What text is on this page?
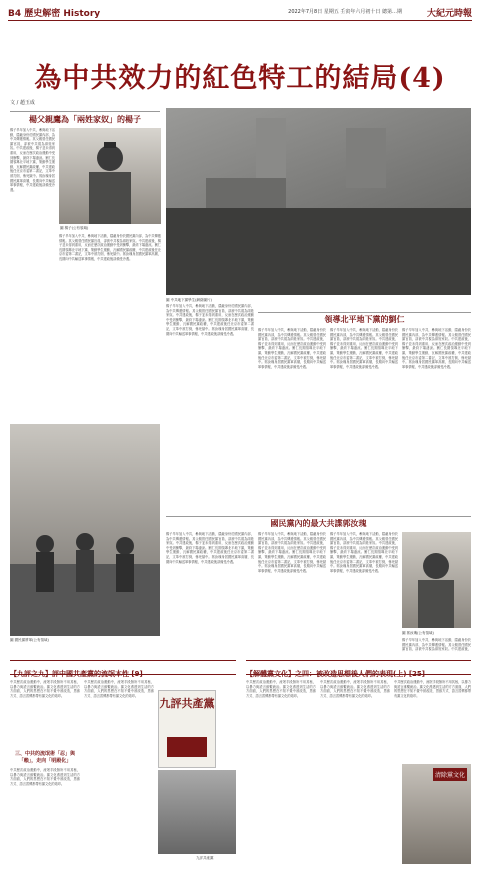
B4 歷史解密 History	2022年7月8日 星期五 壬寅年六月初十日 總第…期	大紀元時報
為中共效力的紅色特工的結局(4)
文 / 趙玉成
楊父親鷹為「兩姓家奴」的楊子
楊子早年加入中共，參與地下活動，隱蔽身份於國民黨內部，為中共傳遞情報。其父親曾任國民黨官員，卻被中共視為兩姓家奴。中共建政後，楊子並未得到重用，反而在歷次政治運動中受到衝擊，最終下場淒涼。劉仁長期領導北平地下黨，策動學生運動，瓦解國民黨政權，中共建政後任北京市委第二書記，文革中被打倒，慘死獄中。郭汝瑰身居國民黨軍高層，長期向中共輸送軍事情報，中共建政後卻備受冷遇。
圖 楊子(公有領域)
楊子早年加入中共，參與地下活動，隱蔽身份於國民黨內部，為中共傳遞情報。其父親曾任國民黨官員，卻被中共視為兩姓家奴。中共建政後，楊子並未得到重用，反而在歷次政治運動中受到衝擊，最終下場淒涼。劉仁長期領導北平地下黨，策動學生運動，瓦解國民黨政權，中共建政後任北京市委第二書記，文革中被打倒，慘死獄中。郭汝瑰身居國民黨軍高層，長期向中共輸送軍事情報，中共建政後卻備受冷遇。
圖 國民黨將軍(公有領域)
圖 中共地下黨學生(網絡圖片)
領導北平地下黨的劉仁
楊子早年加入中共，參與地下活動，隱蔽身份於國民黨內部，為中共傳遞情報。其父親曾任國民黨官員，卻被中共視為兩姓家奴。中共建政後，楊子並未得到重用，反而在歷次政治運動中受到衝擊，最終下場淒涼。劉仁長期領導北平地下黨，策動學生運動，瓦解國民黨政權，中共建政後任北京市委第二書記，文革中被打倒，慘死獄中。郭汝瑰身居國民黨軍高層，長期向中共輸送軍事情報，中共建政後卻備受冷遇。
楊子早年加入中共，參與地下活動，隱蔽身份於國民黨內部，為中共傳遞情報。其父親曾任國民黨官員，卻被中共視為兩姓家奴。中共建政後，楊子並未得到重用，反而在歷次政治運動中受到衝擊，最終下場淒涼。劉仁長期領導北平地下黨，策動學生運動，瓦解國民黨政權，中共建政後任北京市委第二書記，文革中被打倒，慘死獄中。郭汝瑰身居國民黨軍高層，長期向中共輸送軍事情報，中共建政後卻備受冷遇。
楊子早年加入中共，參與地下活動，隱蔽身份於國民黨內部，為中共傳遞情報。其父親曾任國民黨官員，卻被中共視為兩姓家奴。中共建政後，楊子並未得到重用，反而在歷次政治運動中受到衝擊，最終下場淒涼。劉仁長期領導北平地下黨，策動學生運動，瓦解國民黨政權，中共建政後任北京市委第二書記，文革中被打倒，慘死獄中。郭汝瑰身居國民黨軍高層，長期向中共輸送軍事情報，中共建政後卻備受冷遇。
楊子早年加入中共，參與地下活動，隱蔽身份於國民黨內部，為中共傳遞情報。其父親曾任國民黨官員，卻被中共視為兩姓家奴。中共建政後，楊子並未得到重用，反而在歷次政治運動中受到衝擊，最終下場淒涼。劉仁長期領導北平地下黨，策動學生運動，瓦解國民黨政權，中共建政後任北京市委第二書記，文革中被打倒，慘死獄中。郭汝瑰身居國民黨軍高層，長期向中共輸送軍事情報，中共建政後卻備受冷遇。
國民黨內的最大共諜郭汝瑰
楊子早年加入中共，參與地下活動，隱蔽身份於國民黨內部，為中共傳遞情報。其父親曾任國民黨官員，卻被中共視為兩姓家奴。中共建政後，楊子並未得到重用，反而在歷次政治運動中受到衝擊，最終下場淒涼。劉仁長期領導北平地下黨，策動學生運動，瓦解國民黨政權，中共建政後任北京市委第二書記，文革中被打倒，慘死獄中。郭汝瑰身居國民黨軍高層，長期向中共輸送軍事情報，中共建政後卻備受冷遇。
楊子早年加入中共，參與地下活動，隱蔽身份於國民黨內部，為中共傳遞情報。其父親曾任國民黨官員，卻被中共視為兩姓家奴。中共建政後，楊子並未得到重用，反而在歷次政治運動中受到衝擊，最終下場淒涼。劉仁長期領導北平地下黨，策動學生運動，瓦解國民黨政權，中共建政後任北京市委第二書記，文革中被打倒，慘死獄中。郭汝瑰身居國民黨軍高層，長期向中共輸送軍事情報，中共建政後卻備受冷遇。
楊子早年加入中共，參與地下活動，隱蔽身份於國民黨內部，為中共傳遞情報。其父親曾任國民黨官員，卻被中共視為兩姓家奴。中共建政後，楊子並未得到重用，反而在歷次政治運動中受到衝擊，最終下場淒涼。劉仁長期領導北平地下黨，策動學生運動，瓦解國民黨政權，中共建政後任北京市委第二書記，文革中被打倒，慘死獄中。郭汝瑰身居國民黨軍高層，長期向中共輸送軍事情報，中共建政後卻備受冷遇。
圖 郭汝瑰(公有領域)
楊子早年加入中共，參與地下活動，隱蔽身份於國民黨內部，為中共傳遞情報。其父親曾任國民黨官員，卻被中共視為兩姓家奴。中共建政後，
【九評之九】評中國共產黨的流氓本性 [9]	【解體黨文化】之四：被改造思想後人們的表現(上) [25]
中共歷次政治運動中，流氓手段無所不用其極，以暴力與謊言維繫統治。黨文化滲透到生活的方方面面，人們的思想在不知不覺中被改造，思維方式、語言習慣都帶有黨文化的烙印。
三、中共的流氓術「忍」與「賴」，走向「明殿化」
中共歷次政治運動中，流氓手段無所不用其極，以暴力與謊言維繫統治。黨文化滲透到生活的方方面面，人們的思想在不知不覺中被改造，思維方式、語言習慣都帶有黨文化的烙印。
中共歷次政治運動中，流氓手段無所不用其極，以暴力與謊言維繫統治。黨文化滲透到生活的方方面面，人們的思想在不知不覺中被改造，思維方式、語言習慣都帶有黨文化的烙印。
九評共產黨
九評共產黨
中共歷次政治運動中，流氓手段無所不用其極，以暴力與謊言維繫統治。黨文化滲透到生活的方方面面，人們的思想在不知不覺中被改造，思維方式、語言習慣都帶有黨文化的烙印。
中共歷次政治運動中，流氓手段無所不用其極，以暴力與謊言維繫統治。黨文化滲透到生活的方方面面，人們的思想在不知不覺中被改造，思維方式、語言習慣都帶有黨文化的烙印。
中共歷次政治運動中，流氓手段無所不用其極，以暴力與謊言維繫統治。黨文化滲透到生活的方方面面，人們的思想在不知不覺中被改造，思維方式、語言習慣都帶有黨文化的烙印。
清除黨文化
